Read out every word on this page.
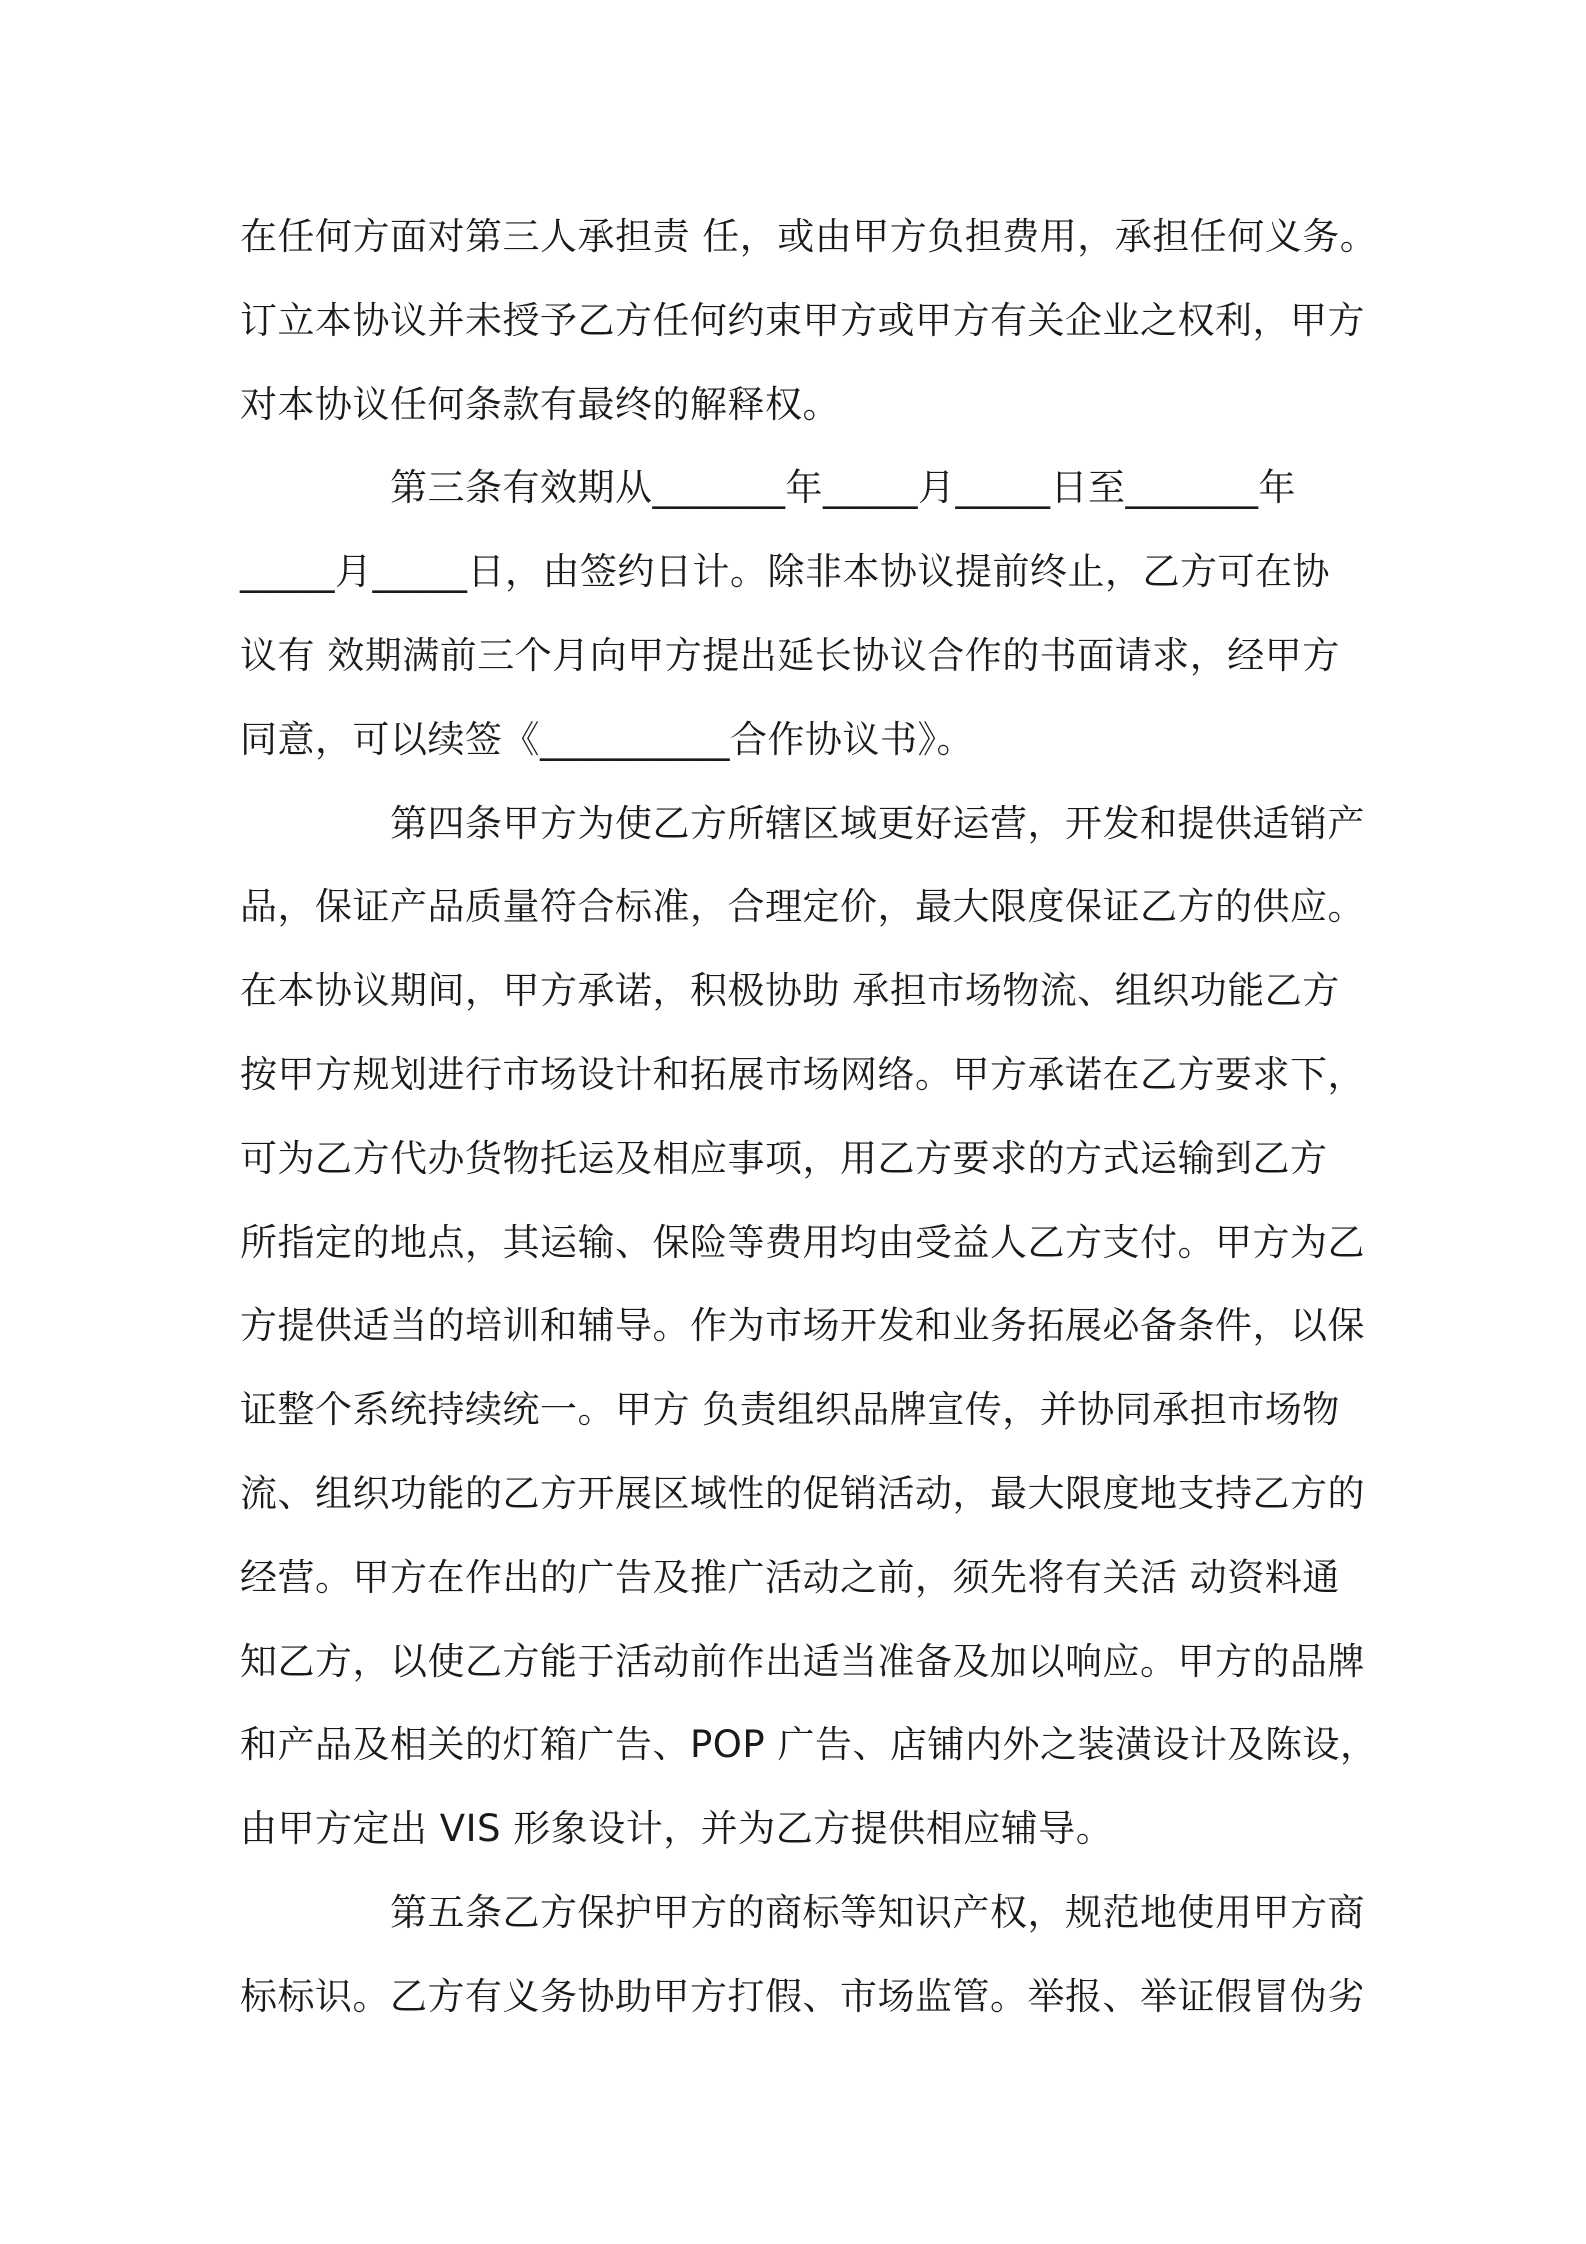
在任何方面对第三人承担责 任，或由甲方负担费用，承担任何义务。
订立本协议并未授予乙方任何约束甲方或甲方有关企业之权利，甲方
对本协议任何条款有最终的解释权。
第三条有效期从_______年_____月_____日至_______年
_____月_____日，由签约日计。除非本协议提前终止，乙方可在协
议有 效期满前三个月向甲方提出延长协议合作的书面请求，经甲方
同意，可以续签《__________合作协议书》。
第四条甲方为使乙方所辖区域更好运营，开发和提供适销产
品，保证产品质量符合标准，合理定价，最大限度保证乙方的供应。
在本协议期间，甲方承诺，积极协助 承担市场物流、组织功能乙方
按甲方规划进行市场设计和拓展市场网络。甲方承诺在乙方要求下，
可为乙方代办货物托运及相应事项，用乙方要求的方式运输到乙方
所指定的地点，其运输、保险等费用均由受益人乙方支付。甲方为乙
方提供适当的培训和辅导。作为市场开发和业务拓展必备条件，以保
证整个系统持续统一。甲方 负责组织品牌宣传，并协同承担市场物
流、组织功能的乙方开展区域性的促销活动，最大限度地支持乙方的
经营。甲方在作出的广告及推广活动之前，须先将有关活 动资料通
知乙方，以使乙方能于活动前作出适当准备及加以响应。甲方的品牌
和产品及相关的灯箱广告、POP 广告、店铺内外之装潢设计及陈设，
由甲方定出 VIS 形象设计，并为乙方提供相应辅导。
第五条乙方保护甲方的商标等知识产权，规范地使用甲方商
标标识。乙方有义务协助甲方打假、市场监管。举报、举证假冒伪劣
